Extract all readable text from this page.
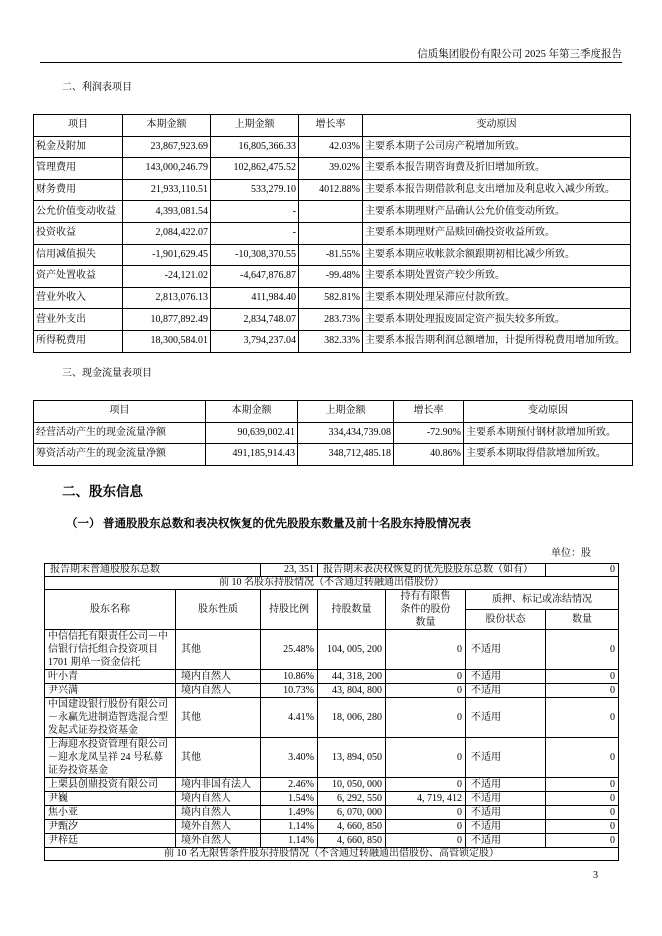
信质集团股份有限公司 2025 年第三季度报告
二、利润表项目
项目	本期金额	上期金额	增长率	变动原因
税金及附加	23,867,923.69	16,805,366.33	42.03%	主要系本期子公司房产税增加所致。
管理费用	143,000,246.79	102,862,475.52	39.02%	主要系本报告期咨询费及折旧增加所致。
财务费用	21,933,110.51	533,279.10	4012.88%	主要系本报告期借款利息支出增加及利息收入减少所致。
公允价值变动收益	4,393,081.54	-		主要系本期理财产品确认公允价值变动所致。
投资收益	2,084,422.07	-		主要系本期理财产品赎回确投资收益所致。
信用减值损失	-1,901,629.45	-10,308,370.55	-81.55%	主要系本期应收帐款余额跟期初相比减少所致。
资产处置收益	-24,121.02	-4,647,876.87	-99.48%	主要系本期处置资产较少所致。
营业外收入	2,813,076.13	411,984.40	582.81%	主要系本期处理呆滞应付款所致。
营业外支出	10,877,892.49	2,834,748.07	283.73%	主要系本期处理报废固定资产损失较多所致。
所得税费用	18,300,584.01	3,794,237.04	382.33%	主要系本报告期利润总额增加，计提所得税费用增加所致。
三、现金流量表项目
项目	本期金额	上期金额	增长率	变动原因
经营活动产生的现金流量净额	90,639,002.41	334,434,739.08	-72.90%	主要系本期预付钢材款增加所致。
筹资活动产生的现金流量净额	491,185,914.43	348,712,485.18	40.86%	主要系本期取得借款增加所致。
二、股东信息
（一） 普通股股东总数和表决权恢复的优先股股东数量及前十名股东持股情况表
单位：股
报告期末普通股股东总数		23, 351	报告期末表决权恢复的优先股股东总数（如有）			0
前 10 名股东持股情况（不含通过转融通出借股份）						
股东名称	股东性质	持股比例	持股数量	持有有限售条件的股份数量	质押、标记或冻结情况	
					股份状态	数量
中信信托有限责任公司－中信银行信托组合投资项目 1701 期单一资金信托	其他	25.48%	104, 005, 200	0	不适用	0
叶小青	境内自然人	10.86%	44, 318, 200	0	不适用	0
尹兴满	境内自然人	10.73%	43, 804, 800	0	不适用	0
中国建设银行股份有限公司－永赢先进制造智选混合型发起式证券投资基金	其他	4.41%	18, 006, 280	0	不适用	0
上海迎水投资管理有限公司－迎水龙凤呈祥 24 号私募证券投资基金	其他	3.40%	13, 894, 050	0	不适用	0
上栗县创鼎投资有限公司	境内非国有法人	2.46%	10, 050, 000	0	不适用	0
尹巍	境内自然人	1.54%	6, 292, 550	4, 719, 412	不适用	0
焦小亚	境内自然人	1.49%	6, 070, 000	0	不适用	0
尹甄汐	境外自然人	1.14%	4, 660, 850	0	不适用	0
尹梓廷	境外自然人	1.14%	4, 660, 850	0	不适用	0
前 10 名无限售条件股东持股情况（不含通过转融通出借股份、高管锁定股）						
3
